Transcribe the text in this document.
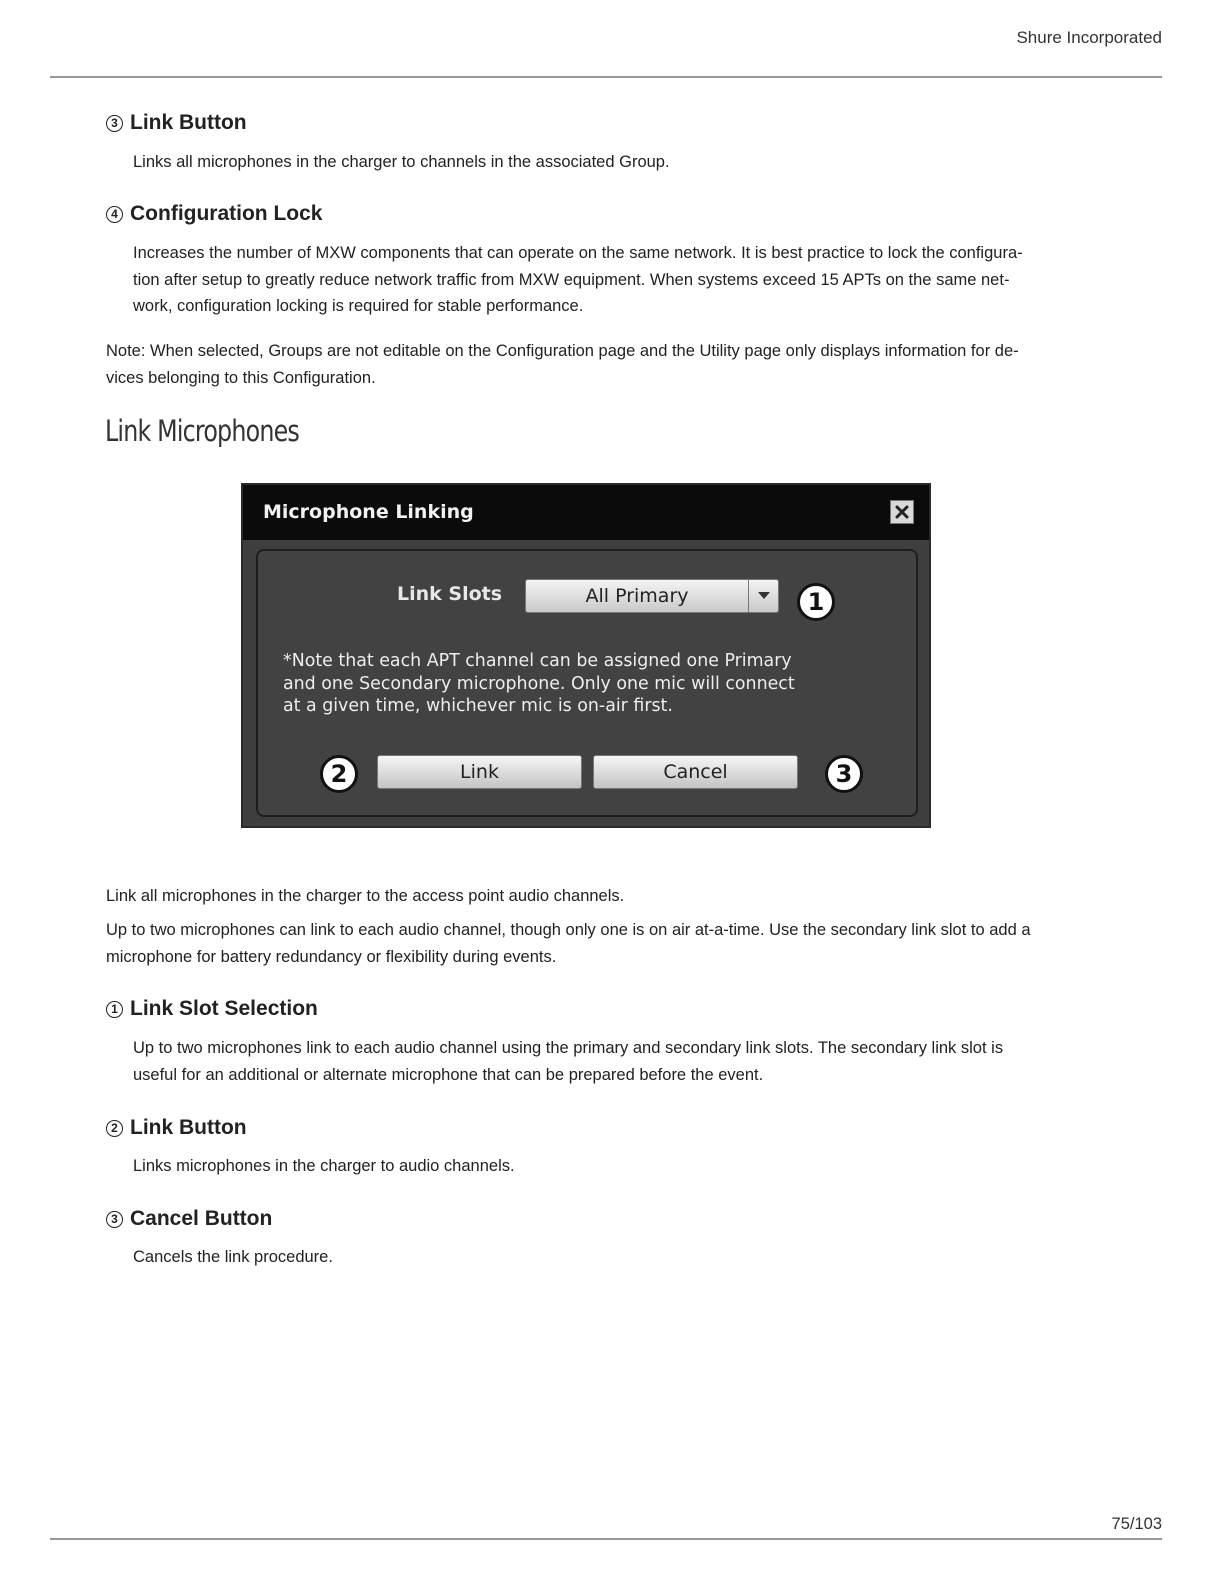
Shure Incorporated
3 Link Button
Links all microphones in the charger to channels in the associated Group.
4 Configuration Lock
Increases the number of MXW components that can operate on the same network. It is best practice to lock the configura-
tion after setup to greatly reduce network traffic from MXW equipment. When systems exceed 15 APTs on the same net-
work, configuration locking is required for stable performance.
Note: When selected, Groups are not editable on the Configuration page and the Utility page only displays information for de-
vices belonging to this Configuration.
Link Microphones
Microphone Linking
Link Slots	All Primary	1
*Note that each APT channel can be assigned one Primary
and one Secondary microphone. Only one mic will connect
at a given time, whichever mic is on-air first.
2	Link	Cancel	3
Link all microphones in the charger to the access point audio channels.
Up to two microphones can link to each audio channel, though only one is on air at-a-time. Use the secondary link slot to add a
microphone for battery redundancy or flexibility during events.
1 Link Slot Selection
Up to two microphones link to each audio channel using the primary and secondary link slots. The secondary link slot is
useful for an additional or alternate microphone that can be prepared before the event.
2 Link Button
Links microphones in the charger to audio channels.
3 Cancel Button
Cancels the link procedure.
75/103
